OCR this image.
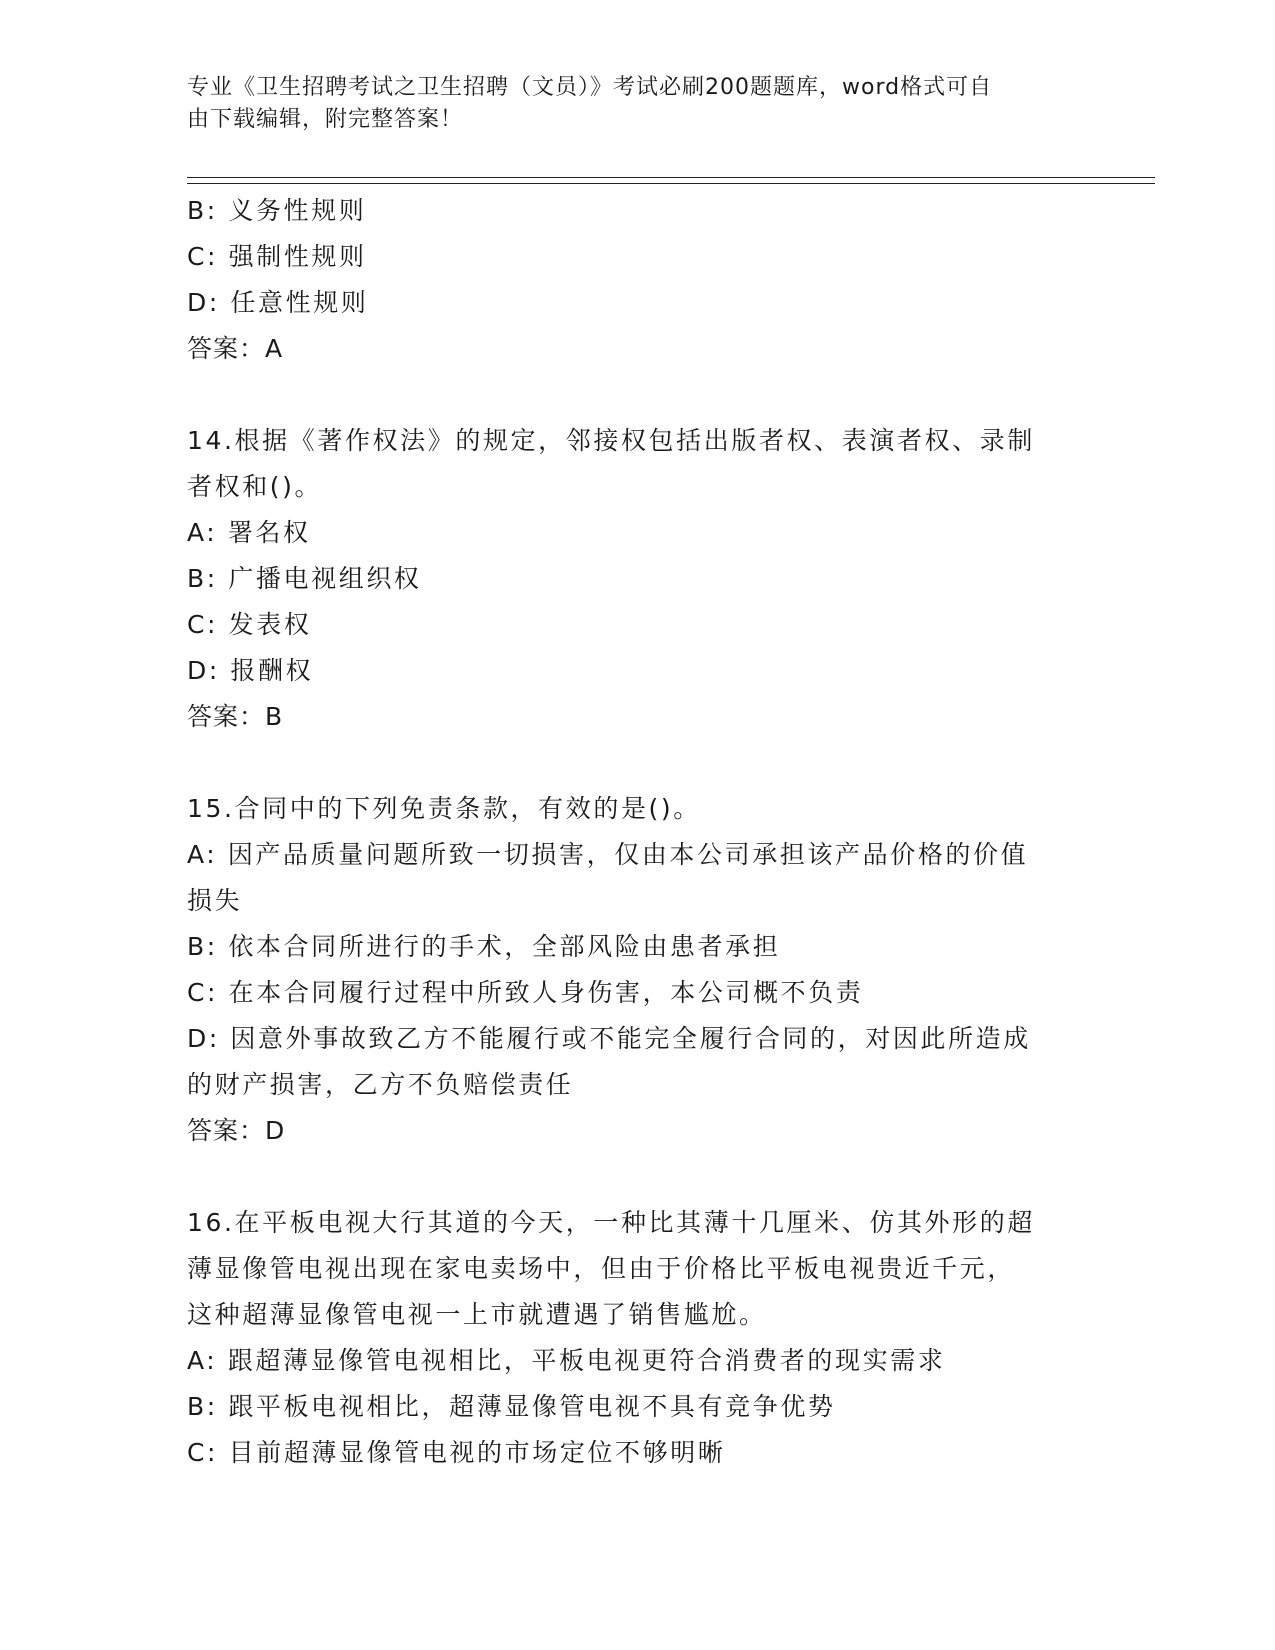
专业《卫生招聘考试之卫生招聘（文员）》考试必刷200题题库，word格式可自
由下载编辑，附完整答案！
B: 义务性规则
C: 强制性规则
D: 任意性规则
答案：A
14.根据《著作权法》的规定，邻接权包括出版者权、表演者权、录制
者权和()。
A: 署名权
B: 广播电视组织权
C: 发表权
D: 报酬权
答案：B
15.合同中的下列免责条款，有效的是()。
A: 因产品质量问题所致一切损害，仅由本公司承担该产品价格的价值
损失
B: 依本合同所进行的手术，全部风险由患者承担
C: 在本合同履行过程中所致人身伤害，本公司概不负责
D: 因意外事故致乙方不能履行或不能完全履行合同的，对因此所造成
的财产损害，乙方不负赔偿责任
答案：D
16.在平板电视大行其道的今天，一种比其薄十几厘米、仿其外形的超
薄显像管电视出现在家电卖场中，但由于价格比平板电视贵近千元，
这种超薄显像管电视一上市就遭遇了销售尴尬。
A: 跟超薄显像管电视相比，平板电视更符合消费者的现实需求
B: 跟平板电视相比，超薄显像管电视不具有竞争优势
C: 目前超薄显像管电视的市场定位不够明晰
